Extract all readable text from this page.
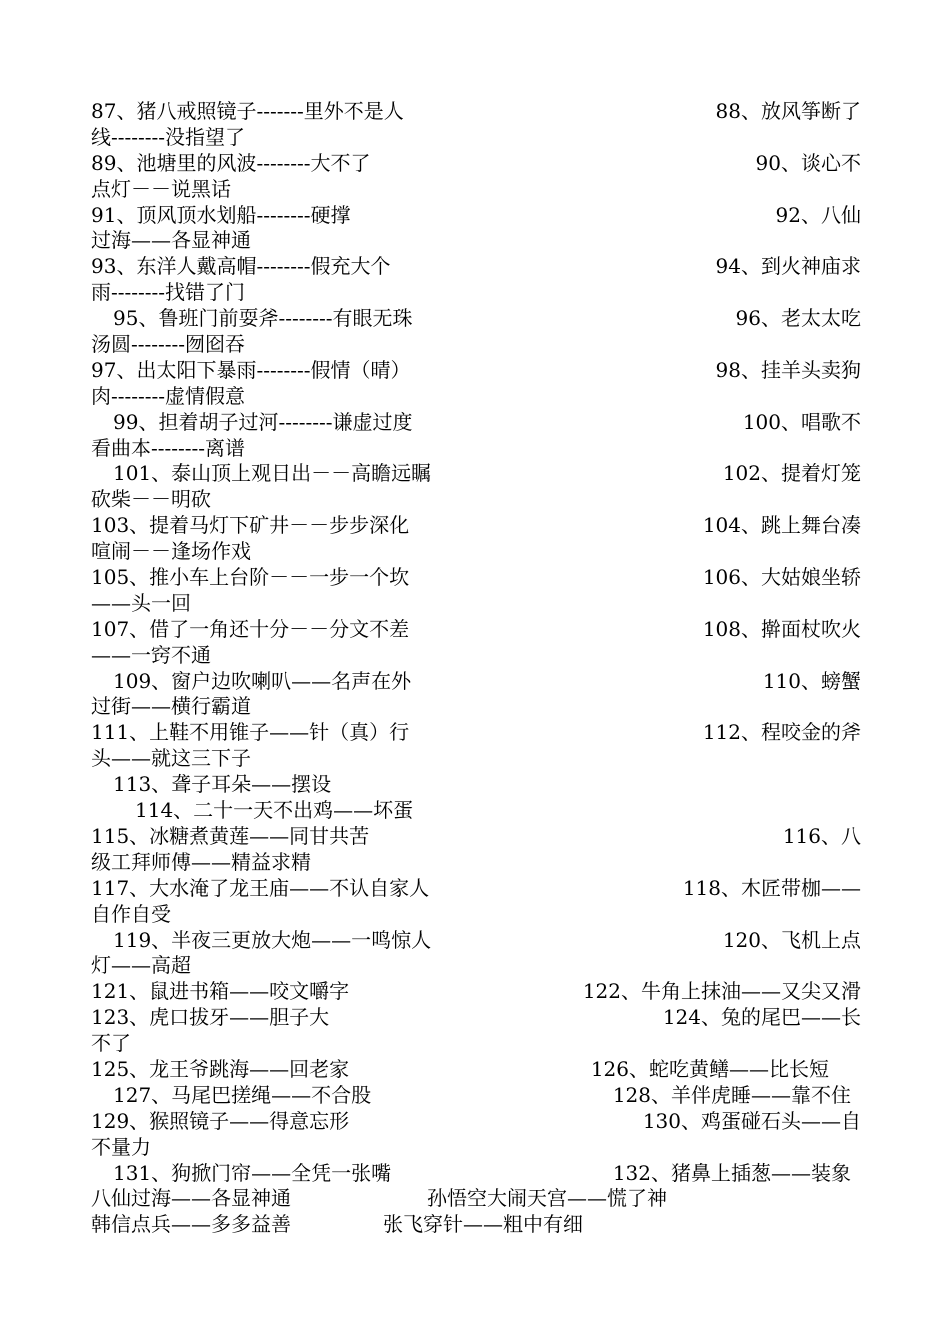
87、猪八戒照镜子-------里外不是人	88、放风筝断了
线--------没指望了
89、池塘里的风波--------大不了	90、谈心不
点灯－－说黑话
91、顶风顶水划船--------硬撑	92、八仙
过海——各显神通
93、东洋人戴高帽--------假充大个	94、到火神庙求
雨--------找错了门
95、鲁班门前耍斧--------有眼无珠	96、老太太吃
汤圆--------囫囵吞
97、出太阳下暴雨--------假情（晴）	98、挂羊头卖狗
肉--------虚情假意
99、担着胡子过河--------谦虚过度	100、唱歌不
看曲本--------离谱
101、泰山顶上观日出－－高瞻远瞩	102、提着灯笼
砍柴－－明砍
103、提着马灯下矿井－－步步深化	104、跳上舞台凑
喧闹－－逢场作戏
105、推小车上台阶－－一步一个坎	106、大姑娘坐轿
——头一回
107、借了一角还十分－－分文不差	108、擀面杖吹火
——一窍不通
109、窗户边吹喇叭——名声在外	110、螃蟹
过街——横行霸道
111、上鞋不用锥子——针（真）行	112、程咬金的斧
头——就这三下子
113、聋子耳朵——摆设
114、二十一天不出鸡——坏蛋
115、冰糖煮黄莲——同甘共苦	116、八
级工拜师傅——精益求精
117、大水淹了龙王庙——不认自家人	118、木匠带枷——
自作自受
119、半夜三更放大炮——一鸣惊人	120、飞机上点
灯——高超
121、鼠进书箱——咬文嚼字	122、牛角上抹油——又尖又滑
123、虎口拔牙——胆子大	124、兔的尾巴——长
不了
125、龙王爷跳海——回老家	126、蛇吃黄鳝——比长短
127、马尾巴搓绳——不合股	128、羊伴虎睡——靠不住
129、猴照镜子——得意忘形	130、鸡蛋碰石头——自
不量力
131、狗掀门帘——全凭一张嘴	132、猪鼻上插葱——装象
八仙过海——各显神通	孙悟空大闹天宫——慌了神
韩信点兵——多多益善	张飞穿针——粗中有细
